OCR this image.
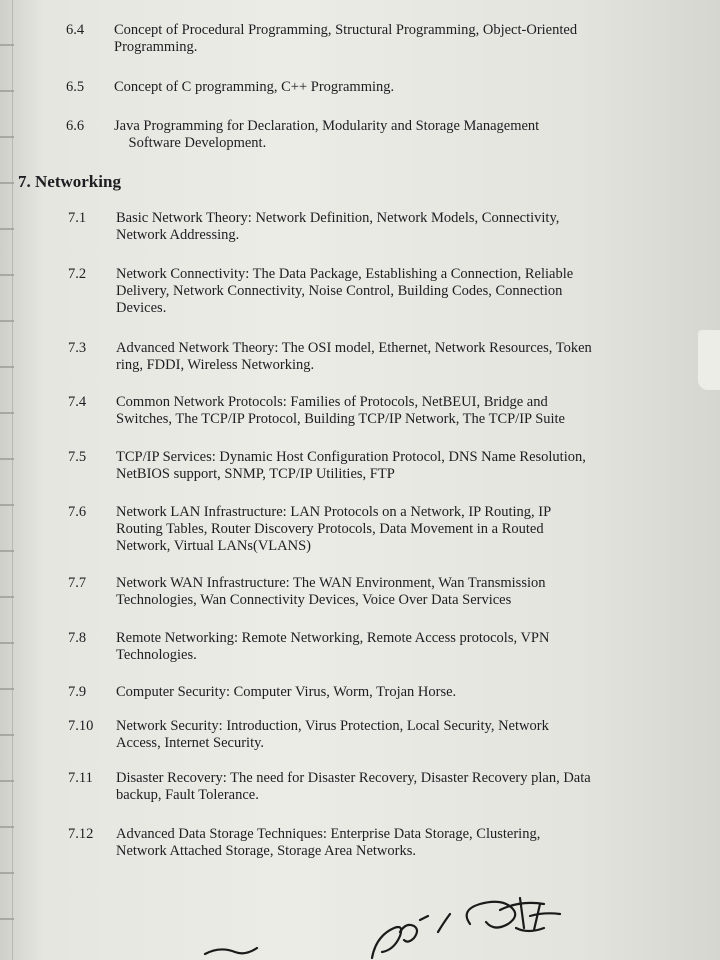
6.4 Concept of Procedural Programming, Structural Programming, Object-Oriented
Programming.
6.5 Concept of C programming, C++ Programming.
6.6 Java Programming for Declaration, Modularity and Storage Management
Software Development.
7. Networking
7.1 Basic Network Theory: Network Definition, Network Models, Connectivity,
Network Addressing.
7.2 Network Connectivity: The Data Package, Establishing a Connection, Reliable
Delivery, Network Connectivity, Noise Control, Building Codes, Connection
Devices.
7.3 Advanced Network Theory: The OSI model, Ethernet, Network Resources, Token
ring, FDDI, Wireless Networking.
7.4 Common Network Protocols: Families of Protocols, NetBEUI, Bridge and
Switches, The TCP/IP Protocol, Building TCP/IP Network, The TCP/IP Suite
7.5 TCP/IP Services: Dynamic Host Configuration Protocol, DNS Name Resolution,
NetBIOS support, SNMP, TCP/IP Utilities, FTP
7.6 Network LAN Infrastructure: LAN Protocols on a Network, IP Routing, IP
Routing Tables, Router Discovery Protocols, Data Movement in a Routed
Network, Virtual LANs(VLANS)
7.7 Network WAN Infrastructure: The WAN Environment, Wan Transmission
Technologies, Wan Connectivity Devices, Voice Over Data Services
7.8 Remote Networking: Remote Networking, Remote Access protocols, VPN
Technologies.
7.9 Computer Security: Computer Virus, Worm, Trojan Horse.
7.10 Network Security: Introduction, Virus Protection, Local Security, Network
Access, Internet Security.
7.11 Disaster Recovery: The need for Disaster Recovery, Disaster Recovery plan, Data
backup, Fault Tolerance.
7.12 Advanced Data Storage Techniques: Enterprise Data Storage, Clustering,
Network Attached Storage, Storage Area Networks.
